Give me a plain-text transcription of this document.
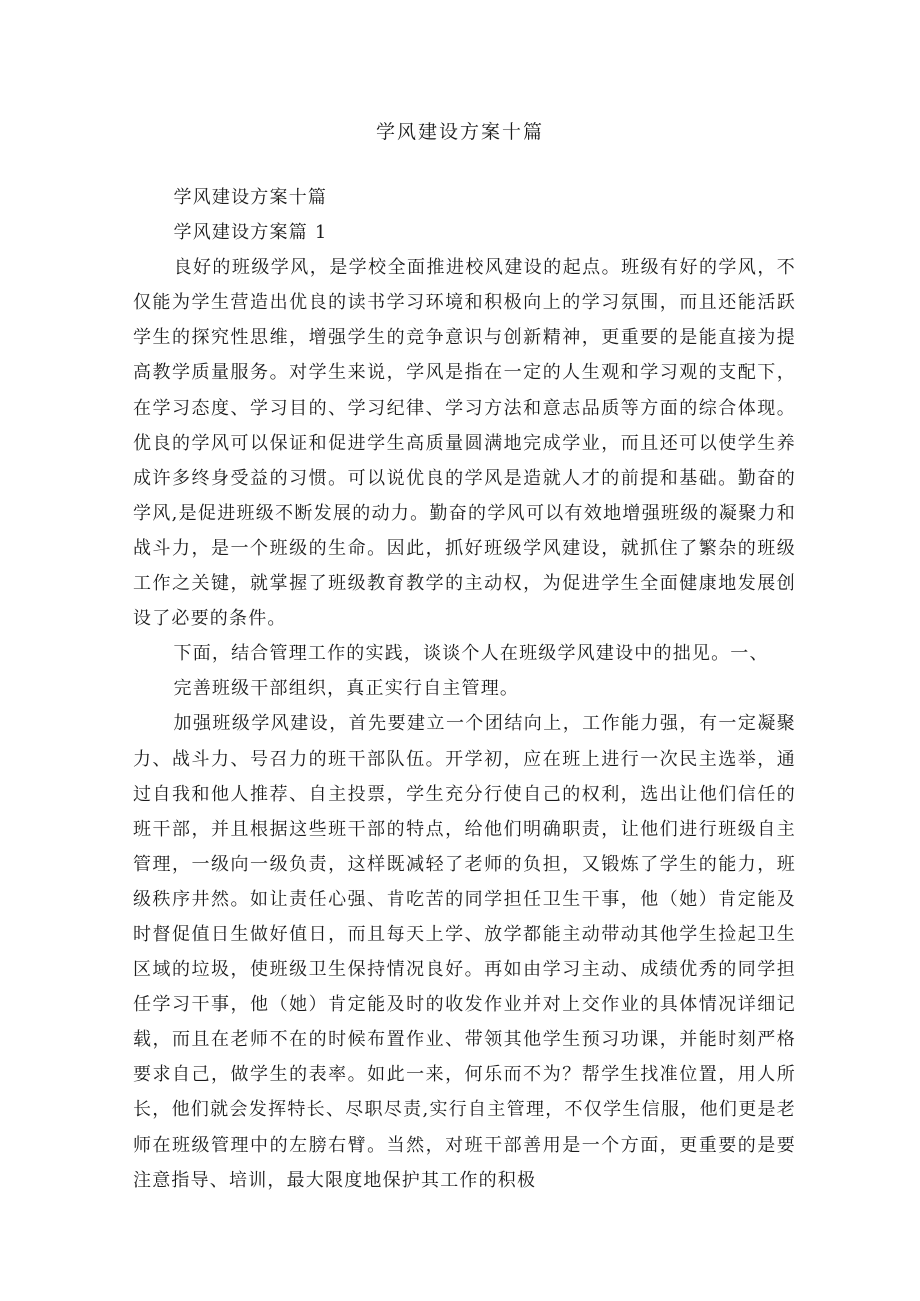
学风建设方案十篇

学风建设方案十篇

学风建设方案篇 1

良好的班级学风，是学校全面推进校风建设的起点。班级有好的学风，不仅能为学生营造出优良的读书学习环境和积极向上的学习氛围，而且还能活跃学生的探究性思维，增强学生的竞争意识与创新精神，更重要的是能直接为提高教学质量服务。对学生来说，学风是指在一定的人生观和学习观的支配下，在学习态度、学习目的、学习纪律、学习方法和意志品质等方面的综合体现。优良的学风可以保证和促进学生高质量圆满地完成学业，而且还可以使学生养成许多终身受益的习惯。可以说优良的学风是造就人才的前提和基础。勤奋的学风,是促进班级不断发展的动力。勤奋的学风可以有效地增强班级的凝聚力和战斗力，是一个班级的生命。因此，抓好班级学风建设，就抓住了繁杂的班级工作之关键，就掌握了班级教育教学的主动权，为促进学生全面健康地发展创设了必要的条件。

下面，结合管理工作的实践，谈谈个人在班级学风建设中的拙见。一、

完善班级干部组织，真正实行自主管理。

加强班级学风建设，首先要建立一个团结向上，工作能力强，有一定凝聚力、战斗力、号召力的班干部队伍。开学初，应在班上进行一次民主选举，通过自我和他人推荐、自主投票，学生充分行使自己的权利，选出让他们信任的班干部，并且根据这些班干部的特点，给他们明确职责，让他们进行班级自主管理，一级向一级负责，这样既减轻了老师的负担，又锻炼了学生的能力，班级秩序井然。如让责任心强、肯吃苦的同学担任卫生干事，他（她）肯定能及时督促值日生做好值日，而且每天上学、放学都能主动带动其他学生捡起卫生区域的垃圾，使班级卫生保持情况良好。再如由学习主动、成绩优秀的同学担任学习干事，他（她）肯定能及时的收发作业并对上交作业的具体情况详细记载，而且在老师不在的时候布置作业、带领其他学生预习功课，并能时刻严格要求自己，做学生的表率。如此一来，何乐而不为？帮学生找准位置，用人所长，他们就会发挥特长、尽职尽责,实行自主管理，不仅学生信服，他们更是老师在班级管理中的左膀右臂。当然，对班干部善用是一个方面，更重要的是要注意指导、培训，最大限度地保护其工作的积极
